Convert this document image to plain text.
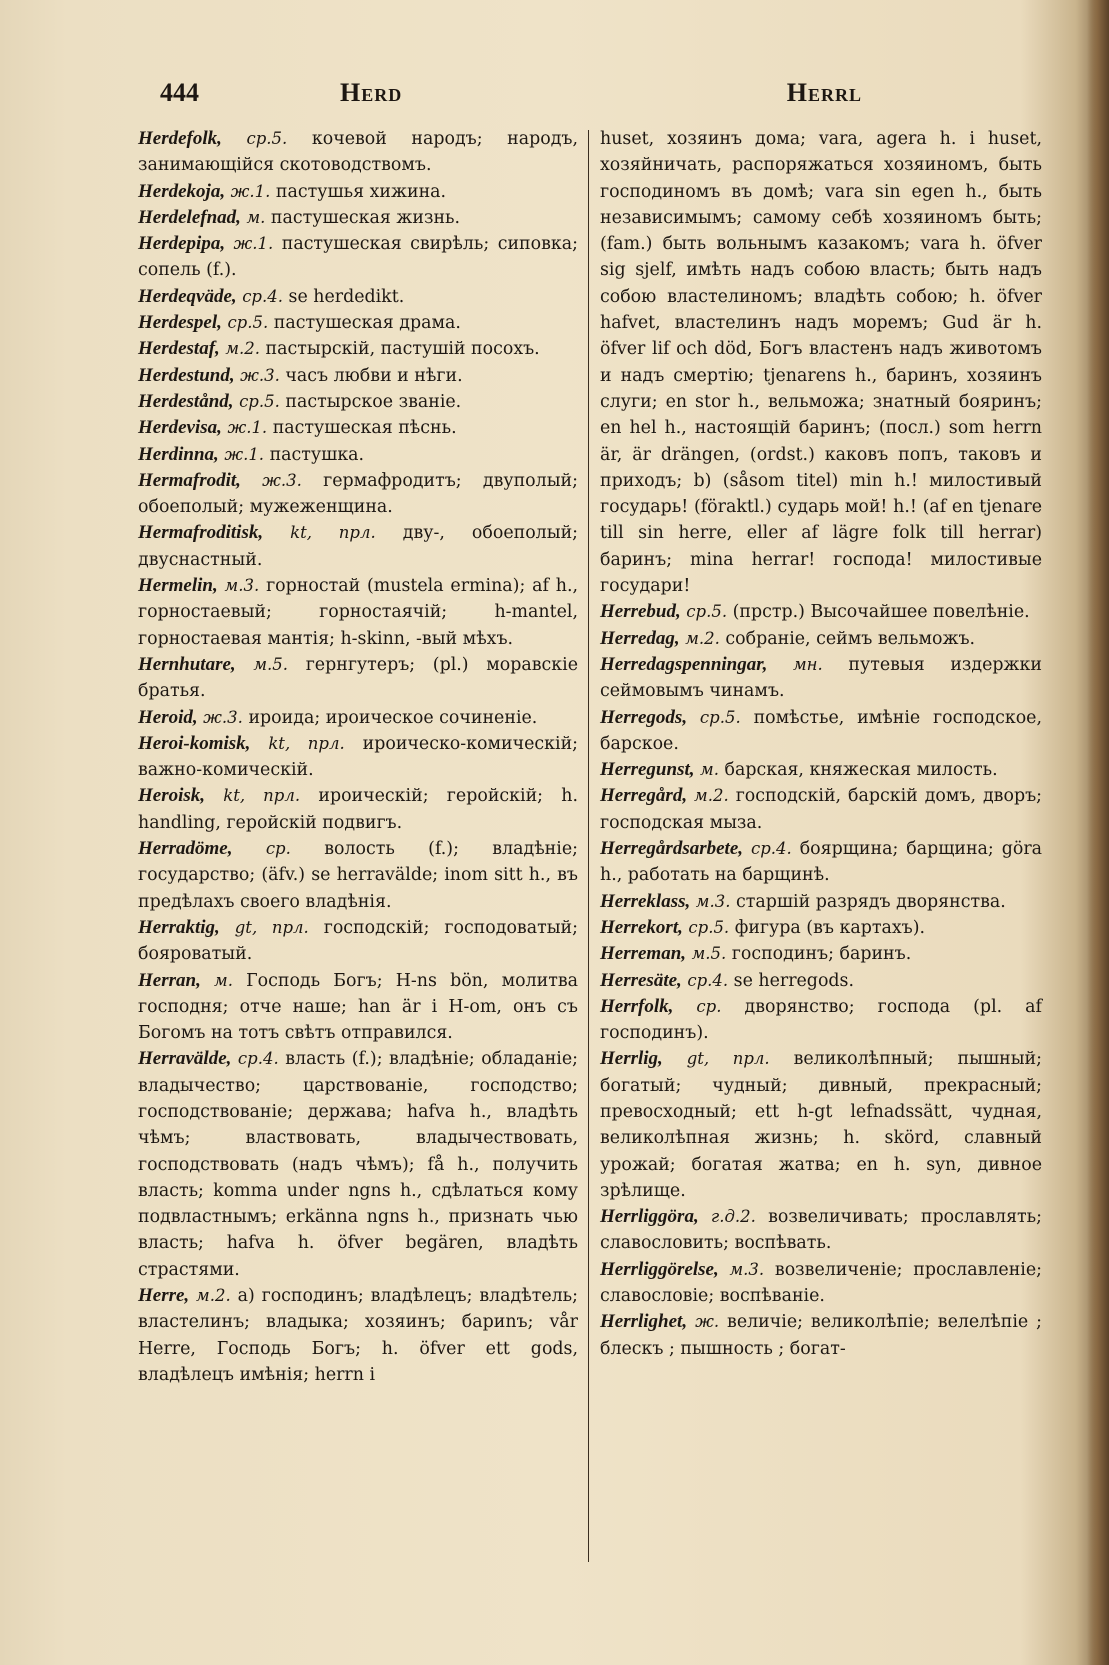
444	Herd	Herrl

Herdefolk, ср.5. кочевой народъ; народъ, занимающійся скотоводствомъ.

Herdekoja, ж.1. пастушья хижина.

Herdelefnad, м. пастушеская жизнь.

Herdepipa, ж.1. пастушеская свирѣль; сиповка; сопель (f.).

Herdeqväde, ср.4. se herdedikt.

Herdespel, ср.5. пастушеская драма.

Herdestaf, м.2. пастырскій, пастушій посохъ.

Herdestund, ж.3. часъ любви и нѣги.

Herdestånd, ср.5. пастырское званіе.

Herdevisa, ж.1. пастушеская пѣснь.

Herdinna, ж.1. пастушка.

Hermafrodit, ж.3. гермафродитъ; двупoлый; обоеполый; мужеженщина.

Hermafroditisk, kt, прл. дву-, обоеполый; двуснастный.

Hermelin, м.3. горностай (mustela ermina); af h., горностаевый; горностаячій; h-mantel, горностаевая мантія; h-skinn, -вый мѣхъ.

Hernhutare, м.5. гернгутеръ; (pl.) моравскіе братья.

Heroid, ж.3. ироида; ироическое сочиненіе.

Heroi-komisk, kt, прл. ироическо-комическій; важно-комическій.

Heroisk, kt, прл. ироическій; геройскій; h. handling, геройскій подвигъ.

Herradöme, ср. волость (f.); владѣніе; государство; (äfv.) se herravälde; inom sitt h., въ предѣлахъ своего владѣнія.

Herraktig, gt, прл. господскій; господоватый; бояроватый.

Herran, м. Господь Богъ; H-ns bön, молитва господня; отче наше; han är i H-om, онъ съ Богомъ на тотъ свѣтъ отправился.

Herravälde, ср.4. власть (f.); владѣніе; обладаніе; владычество; царствованіе, господство; господствованіе; держава; hafva h., владѣть чѣмъ; властвовать, владычествовать, господствовать (надъ чѣмъ); få h., получить власть; komma under ngns h., сдѣлаться кому подвластнымъ; erkänna ngns h., признать чью власть; hafva h. öfver begären, владѣть страстями.

Herre, м.2. а) господинъ; владѣлецъ; владѣтель; властелинъ; владыка; хозяинъ; бариnъ; vår Herre, Господь Богъ; h. öfver ett gods, владѣлецъ имѣнія; herrn i

huset, хозяинъ дома; vara, agera h. i huset, хозяйничать, распоряжаться хозяиномъ, быть господиномъ въ домѣ; vara sin egen h., быть независимымъ; самому себѣ хозяиномъ быть; (fam.) быть вольнымъ казакомъ; vara h. öfver sig sjelf, имѣть надъ собою власть; быть надъ собою властелиномъ; владѣть собою; h. öfver hafvet, властелинъ надъ моремъ; Gud är h. öfver lif och död, Богъ властенъ надъ животомъ и надъ смертію; tjenarens h., баринъ, хозяинъ слуги; en stor h., вельможа; знатный бояринъ; en hel h., настоящій баринъ; (посл.) som herrn är, är drängen, (ordst.) каковъ попъ, таковъ и приходъ; b) (såsom titel) min h.! милостивый государь! (föraktl.) сударь мой! h.! (af en tjenare till sin herre, eller af lägre folk till herrar) баринъ; mina herrar! господа! милостивые государи!

Herrebud, ср.5. (прстр.) Высочайшее повелѣніе.

Herredag, м.2. собраніе, сеймъ вельможъ.

Herredagspenningar, мн. путевыя издержки сеймовымъ чинамъ.

Herregods, ср.5. помѣстье, имѣніе господское, барское.

Herregunst, м. барская, княжеская милость.

Herregård, м.2. господскій, барскій домъ, дворъ; господская мыза.

Herregårdsarbete, ср.4. боярщина; барщина; göra h., работать на барщинѣ.

Herreklass, м.3. старшій разрядъ дворянства.

Herrekort, ср.5. фигура (въ картахъ).

Herreman, м.5. господинъ; баринъ.

Herresäte, ср.4. se herregods.

Herrfolk, ср. дворянство; господа (pl. af господинъ).

Herrlig, gt, прл. великолѣпный; пышный; богатый; чудный; дивный, прекрасный; превосходный; ett h-gt lefnadssätt, чудная, великолѣпная жизнь; h. skörd, славный урожай; богатая жатва; en h. syn, дивное зрѣлище.

Herrliggöra, г.д.2. возвеличивать; прославлять; славословить; воспѣвать.

Herrliggörelse, м.3. возвеличеніе; прославленіе; славословіе; воспѣваніе.

Herrlighet, ж. величіе; великолѣпіе; велелѣпіе ; блескъ ; пышность ; богат-
